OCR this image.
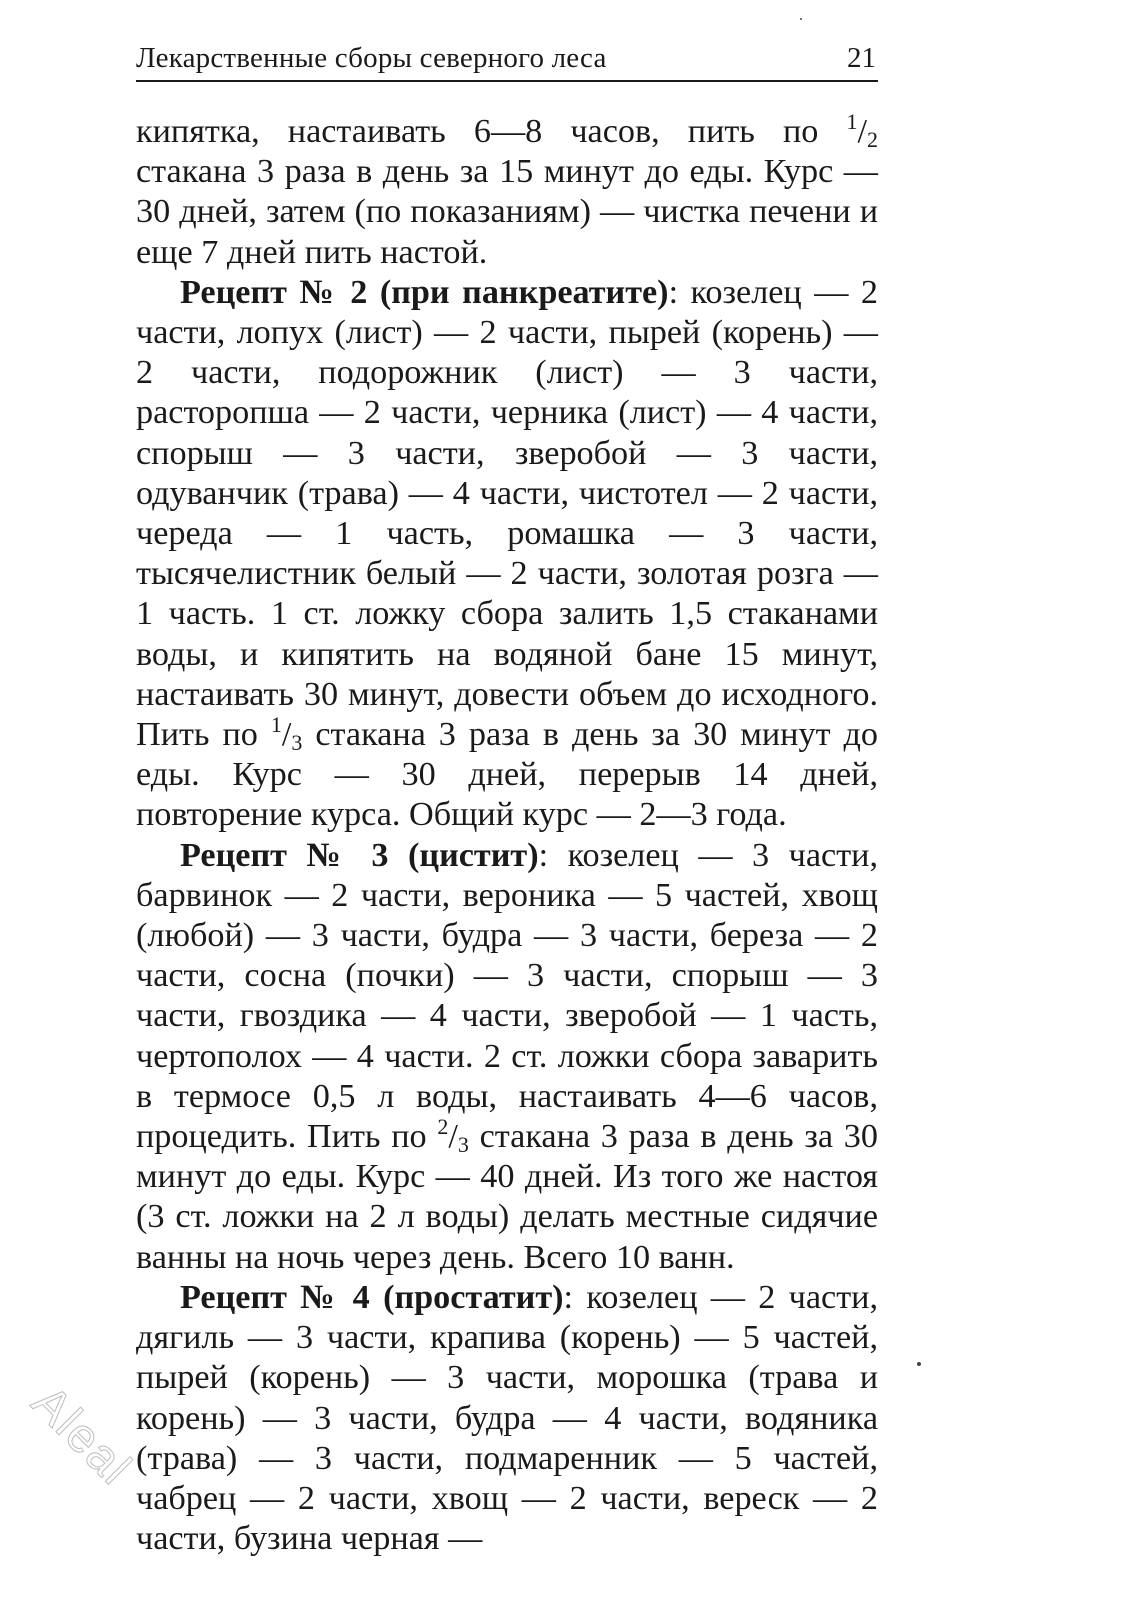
Лекарственные сборы северного леса	21

кипятка, настаивать 6—8 часов, пить по $^1/_2$ стакана 3 раза в день за 15 минут до еды. Курс — 30 дней, затем (по показаниям) — чистка печени и еще 7 дней пить настой.

Рецепт № 2 (при панкреатите): козелец — 2 части, лопух (лист) — 2 части, пырей (корень) — 2 части, подорожник (лист) — 3 части, расторопша — 2 части, черника (лист) — 4 части, спорыш — 3 части, зверобой — 3 части, одуванчик (трава) — 4 части, чистотел — 2 части, череда — 1 часть, ромашка — 3 части, тысячелистник белый — 2 части, золотая розга — 1 часть. 1 ст. ложку сбора залить 1,5 стаканами воды, и кипятить на водяной бане 15 минут, настаивать 30 минут, довести объем до исходного. Пить по $^1/_3$ стакана 3 раза в день за 30 минут до еды. Курс — 30 дней, перерыв 14 дней, повторение курса. Общий курс — 2—3 года.

Рецепт № 3 (цистит): козелец — 3 части, барвинок — 2 части, вероника — 5 частей, хвощ (любой) — 3 части, будра — 3 части, береза — 2 части, сосна (почки) — 3 части, спорыш — 3 части, гвоздика — 4 части, зверобой — 1 часть, чертополох — 4 части. 2 ст. ложки сбора заварить в термосе 0,5 л воды, настаивать 4—6 часов, процедить. Пить по $^2/_3$ стакана 3 раза в день за 30 минут до еды. Курс — 40 дней. Из того же настоя (3 ст. ложки на 2 л воды) делать местные сидячие ванны на ночь через день. Всего 10 ванн.

Рецепт № 4 (простатит): козелец — 2 части, дягиль — 3 части, крапива (корень) — 5 частей, пырей (корень) — 3 части, морошка (трава и корень) — 3 части, будра — 4 части, водяника (трава) — 3 части, подмаренник — 5 частей, чабрец — 2 части, хвощ — 2 части, вереск — 2 части, бузина черная —

Aleal
